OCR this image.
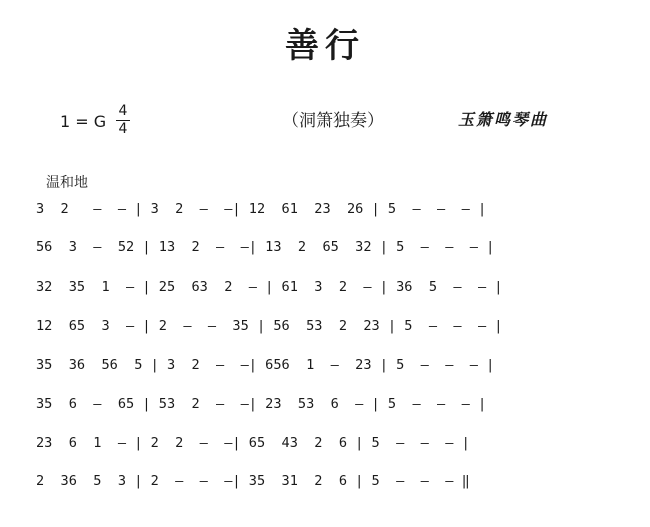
善行
1 = G
4
4	（洞箫独奏）	玉箫鸣琴曲
温和地
3  2   —  — | 3  2  —  —| 12  61  23  26 | 5  —  —  — |
56  3  —  52 | 13  2  —  —| 13  2  65  32 | 5  —  —  — |
32  35  1  — | 25  63  2  — | 61  3  2  — | 36  5  —  — |
12  65  3  — | 2  —  —  35 | 56  53  2  23 | 5  —  —  — |
35  36  56  5 | 3  2  —  —| 656  1  —  23 | 5  —  —  — |
35  6  —  65 | 53  2  —  —| 23  53  6  — | 5  —  —  — |
23  6  1  — | 2  2  —  —| 65  43  2  6 | 5  —  —  — |
2  36  5  3 | 2  —  —  —| 35  31  2  6 | 5  —  —  — ‖
